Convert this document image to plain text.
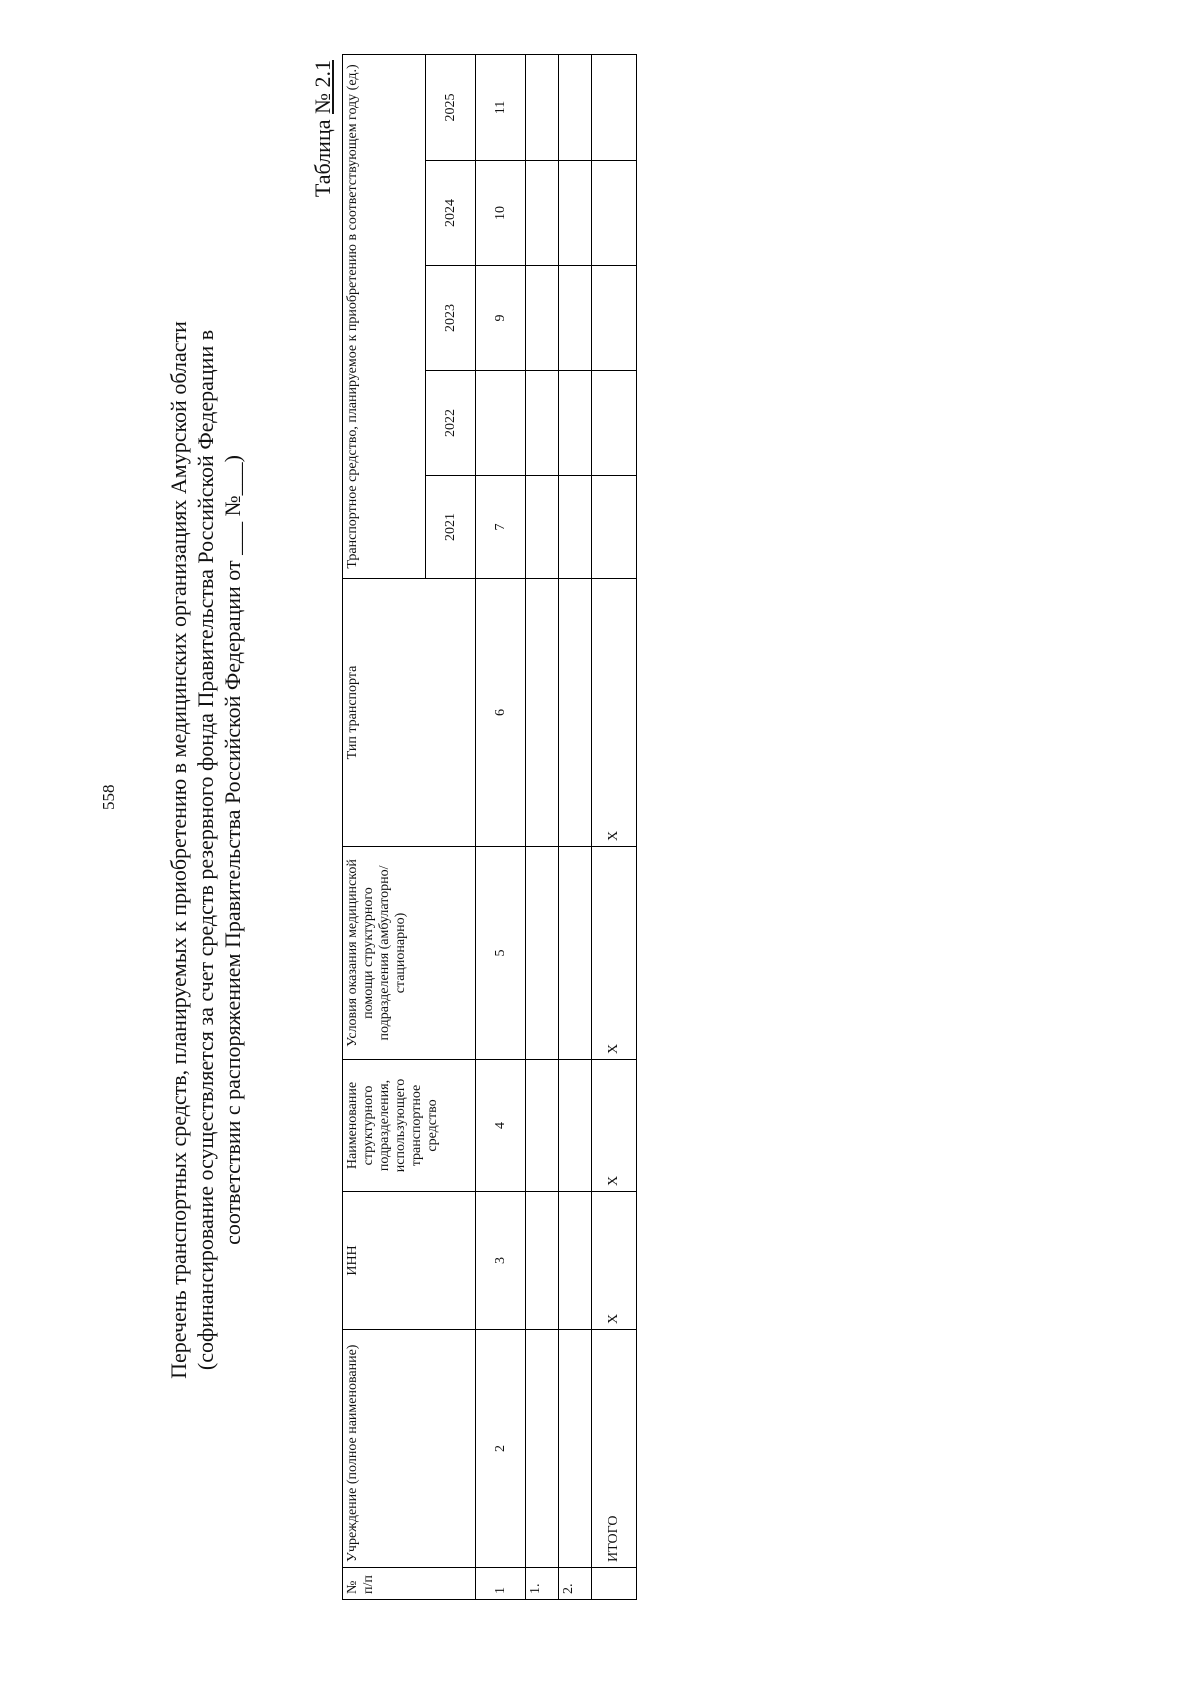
558 Перечень транспортных средств, планируемых к приобретению в медицинских организациях Амурской области (софинансирование осуществляется за счет средств резервного фонда Правительства Российской Федерации в соответствии с распоряжением Правительства Российской Федерации от ___ №___)
Таблица № 2.1
№ п/п	Учреждение (полное наименование)	ИНН	Наименование структурного подразделения, использующего транспортное средство	Условия оказания медицинской помощи структурного подразделения (амбулаторно/стационарно)	Тип транспорта	Транспортное средство, планируемое к приобретению в соответствующем году (ед.)				
						2021	2022	2023	2024	2025
1	2	3	4	5	6	7		9	10	11
1.										
2.										
	ИТОГО	X	X	X	X					
